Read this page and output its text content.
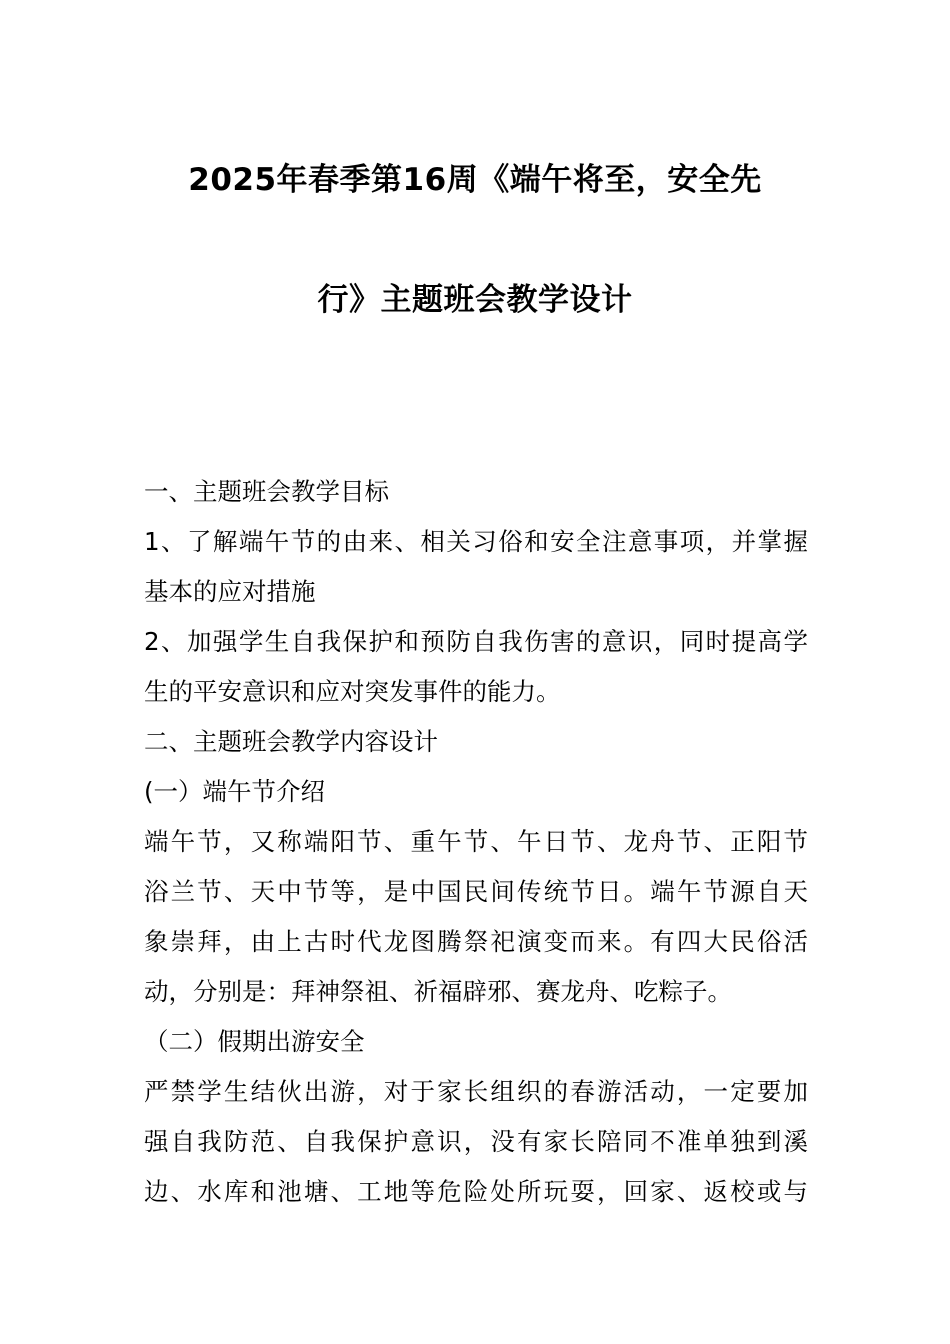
2025年春季第16周《端午将至，安全先
行》主题班会教学设计
一、主题班会教学目标
1、了解端午节的由来、相关习俗和安全注意事项，并掌握
基本的应对措施
2、加强学生自我保护和预防自我伤害的意识，同时提高学
生的平安意识和应对突发事件的能力。
二、主题班会教学内容设计
(一）端午节介绍
端午节，又称端阳节、重午节、午日节、龙舟节、正阳节
浴兰节、天中节等，是中国民间传统节日。端午节源自天
象崇拜，由上古时代龙图腾祭祀演变而来。有四大民俗活
动，分别是：拜神祭祖、祈福辟邪、赛龙舟、吃粽子。
（二）假期出游安全
严禁学生结伙出游，对于家长组织的春游活动，一定要加
强自我防范、自我保护意识，没有家长陪同不准单独到溪
边、水库和池塘、工地等危险处所玩耍，回家、返校或与
